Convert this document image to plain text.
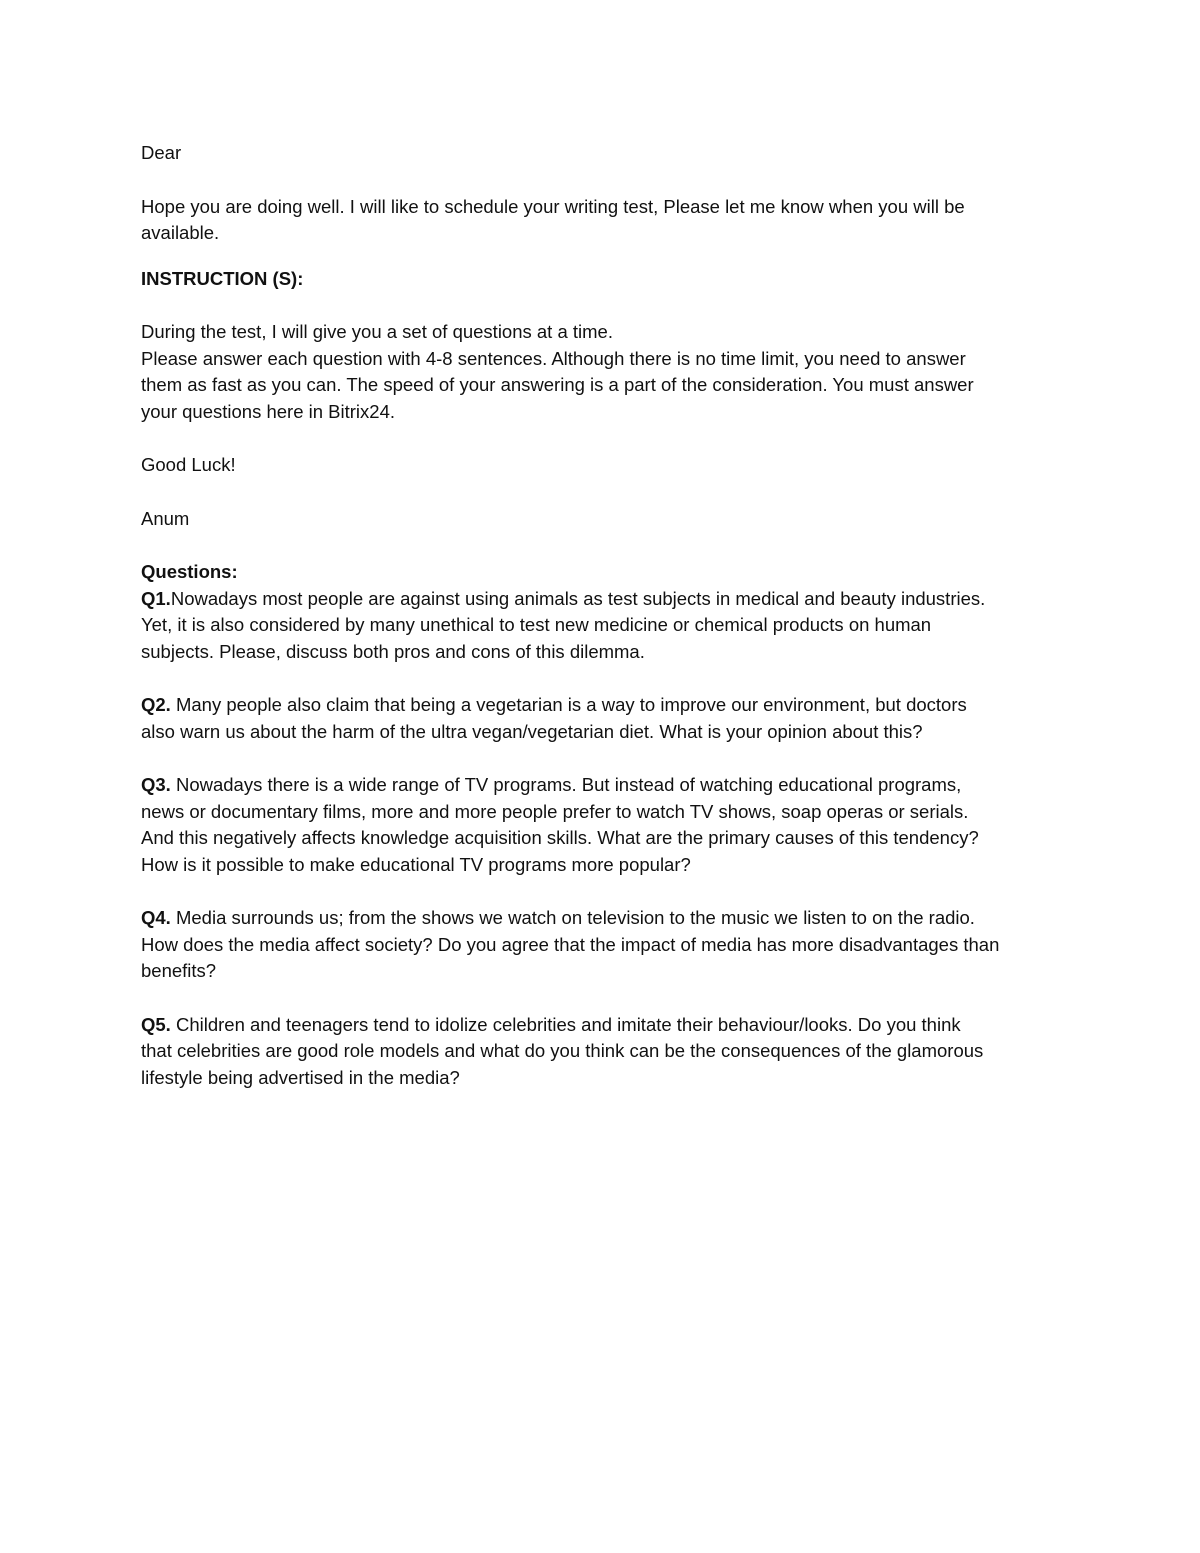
Dear

Hope you are doing well. I will like to schedule your writing test, Please let me know when you will be
available.

INSTRUCTION (S):

During the test, I will give you a set of questions at a time.
Please answer each question with 4-8 sentences. Although there is no time limit, you need to answer
them as fast as you can. The speed of your answering is a part of the consideration. You must answer
your questions here in Bitrix24.

Good Luck!

Anum

Questions:
Q1.Nowadays most people are against using animals as test subjects in medical and beauty industries.
Yet, it is also considered by many unethical to test new medicine or chemical products on human
subjects. Please, discuss both pros and cons of this dilemma.
Q2. Many people also claim that being a vegetarian is a way to improve our environment, but doctors
also warn us about the harm of the ultra vegan/vegetarian diet. What is your opinion about this?
Q3. Nowadays there is a wide range of TV programs. But instead of watching educational programs,
news or documentary films, more and more people prefer to watch TV shows, soap operas or serials.
And this negatively affects knowledge acquisition skills. What are the primary causes of this tendency?
How is it possible to make educational TV programs more popular?
Q4. Media surrounds us; from the shows we watch on television to the music we listen to on the radio.
How does the media affect society? Do you agree that the impact of media has more disadvantages than
benefits?
Q5. Children and teenagers tend to idolize celebrities and imitate their behaviour/looks. Do you think
that celebrities are good role models and what do you think can be the consequences of the glamorous
lifestyle being advertised in the media?
